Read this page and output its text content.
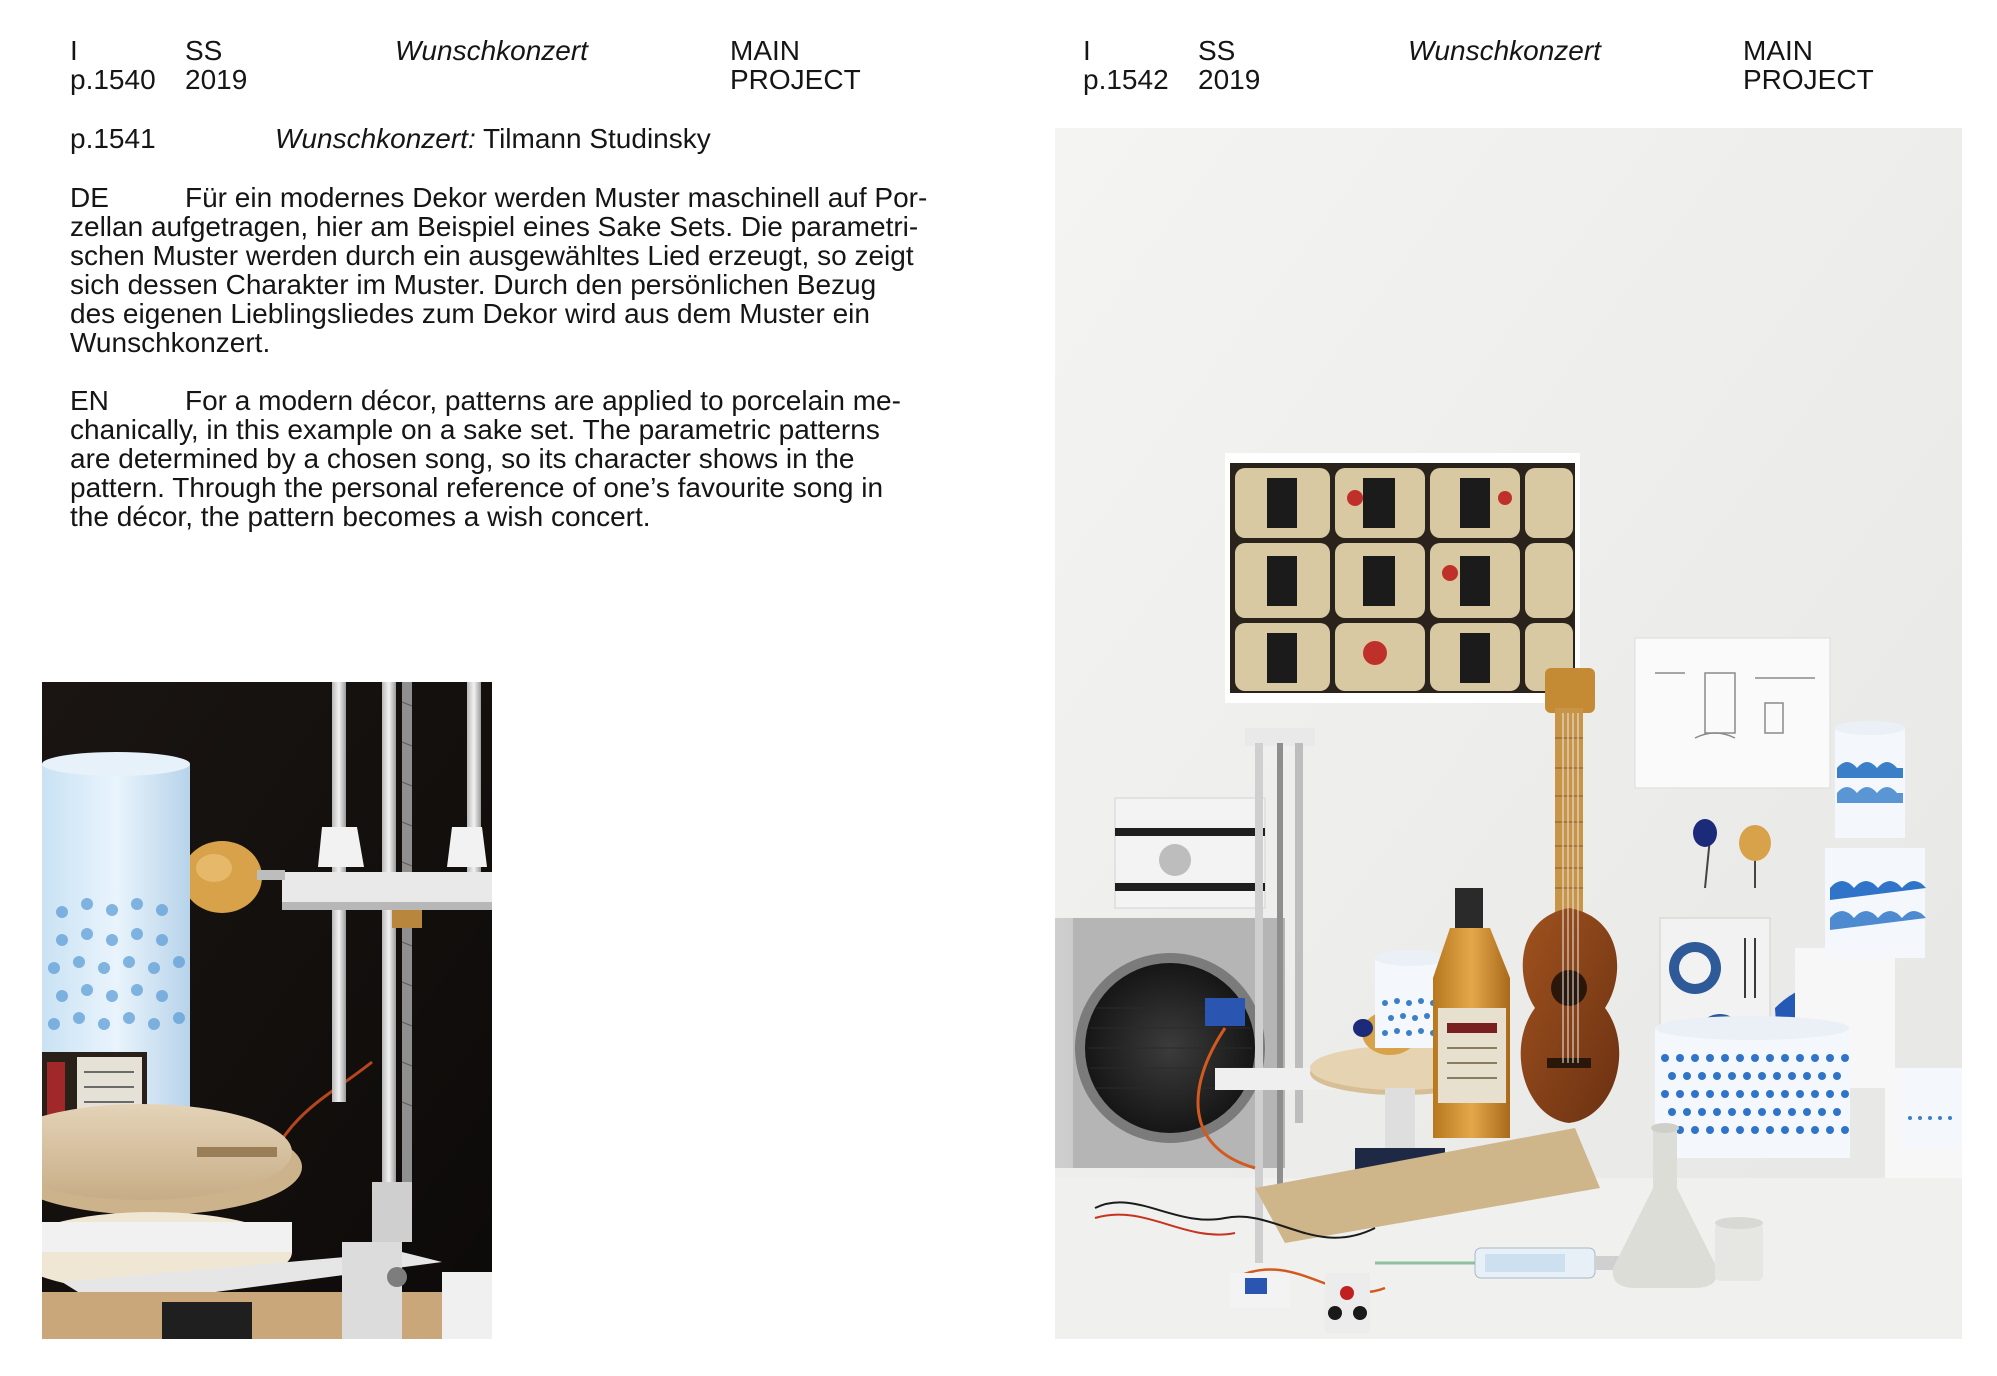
I
p.1540
SS
2019
Wunschkonzert	MAIN
PROJECT
I
p.1542
SS
2019
Wunschkonzert	MAIN
PROJECT
p.1541	Wunschkonzert: Tilmann Studinsky
DE	Für ein modernes Dekor werden Muster maschinell auf Por-
zellan aufgetragen, hier am Beispiel eines Sake Sets. Die parametri-
schen Muster werden durch ein ausgewähltes Lied erzeugt, so zeigt
sich dessen Charakter im Muster. Durch den persönlichen Bezug
des eigenen Lieblingsliedes zum Dekor wird aus dem Muster ein
Wunschkonzert.
EN	For a modern décor, patterns are applied to porcelain me-
chanically, in this example on a sake set. The parametric patterns
are determined by a chosen song, so its character shows in the
pattern. Through the personal reference of one’s favourite song in
the décor, the pattern becomes a wish concert.
